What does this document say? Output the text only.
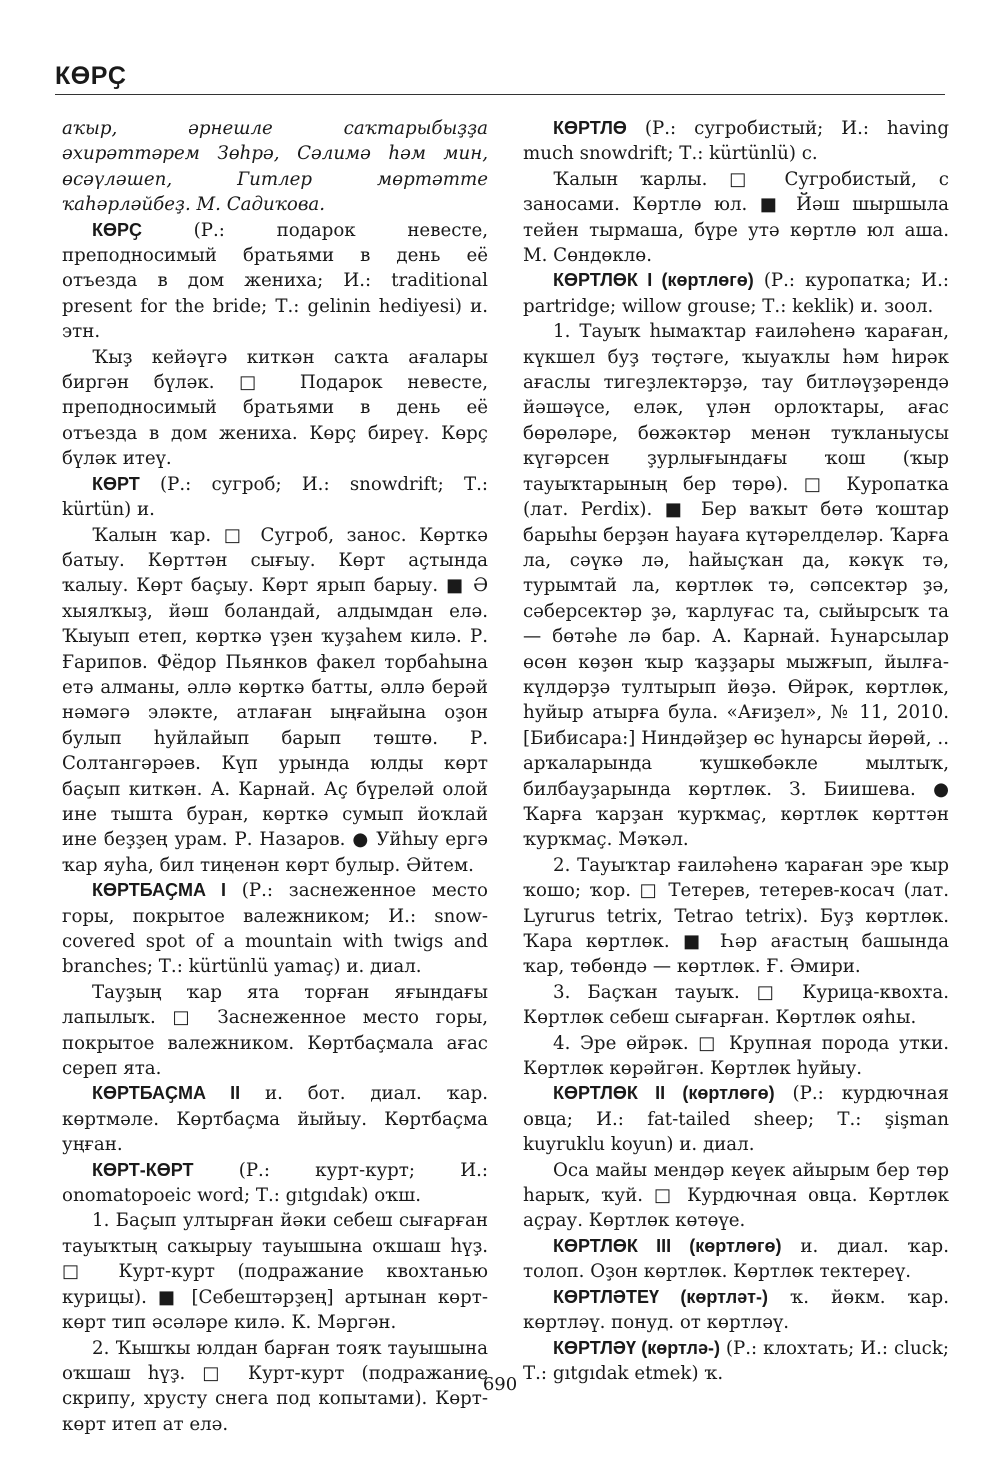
КӨРҪ

аҡыр, әрнешле саҡтарыбыҙҙа әхирәттәрем Зөһрә, Сәлимә һәм мин, өсәүләшеп, Гитлер мөртәтте ҡаһәрләйбеҙ. М. Садиҡова.

КӨРҪ (Р.: подарок невесте, преподносимый братьями в день её отъезда в дом жениха; И.: traditional present for the bride; Т.: gelinin hediyesi) и. этн.

Ҡыҙ кейәүгә киткән саҡта ағалары биргән бүләк. □ Подарок невесте, преподносимый братьями в день её отъезда в дом жениха. Көрҫ биреү. Көрҫ бүләк итеү.

КӨРТ (Р.: сугроб; И.: snowdrift; Т.: kürtün) и.

Ҡалын ҡар. □ Сугроб, занос. Көрткә батыу. Көрттән сығыу. Көрт аҫтында ҡалыу. Көрт баҫыу. Көрт ярып барыу. ■ Ә хыялҡыҙ, йәш боландай, алдымдан елә. Ҡыуып етеп, көрткә үҙен ҡуҙаһем килә. Р. Ғарипов. Фёдор Пьянков факел торбаһына етә алманы, әллә көрткә батты, әллә берәй нәмәгә эләкте, атлаған ыңғайына оҙон булып һуйлайып барып төштө. Р. Солтангәрәев. Күп урында юлды көрт баҫып киткән. А. Карнай. Аҫ бүреләй олой ине тышта буран, көрткә сумып йоҡлай ине беҙҙең урам. Р. Назаров. ● Уйһыу ергә ҡар яуһа, бил тиңенән көрт булыр. Әйтем.

КӨРТБАҪМА I (Р.: заснеженное место горы, покрытое валежником; И.: snow-covered spot of a mountain with twigs and branches; Т.: kürtünlü yamaç) и. диал.

Тауҙың ҡар ята торған яғындағы лапылыҡ. □ Заснеженное место горы, покрытое валежником. Көртбаҫмала ағас сереп ята.

КӨРТБАҪМА II и. бот. диал. ҡар. көртмәле. Көртбаҫма йыйыу. Көртбаҫма уңған.

КӨРТ-КӨРТ (Р.: курт-курт; И.: onomatopoeic word; Т.: gıtgıdak) оҡш.

1. Баҫып ултырған йәки себеш сығарған тауыҡтың саҡырыу тауышына оҡшаш һүҙ. □ Курт-курт (подражание квохтанью курицы). ■ [Себештәрҙең] артынан көрт-көрт тип әсәләре килә. К. Мәргән.

2. Ҡышҡы юлдан барған тояҡ тауышына оҡшаш һүҙ. □ Курт-курт (подражание скрипу, хрусту снега под копытами). Көрт-көрт итеп ат елә.

КӨРТЛӨ (Р.: сугробистый; И.: having much snowdrift; Т.: kürtünlü) с.

Ҡалын ҡарлы. □ Сугробистый, с заносами. Көртлө юл. ■ Йәш шыршыла тейен тырмаша, бүре утә көртлө юл аша. М. Сөндөклө.

КӨРТЛӨК I (көртлөгө) (Р.: куропатка; И.: partridge; willow grouse; Т.: keklik) и. зоол.

1. Тауыҡ һымаҡтар ғаиләһенә ҡараған, күкшел буҙ төҫтәге, ҡыуаҡлы һәм һирәк ағаслы тигеҙлектәрҙә, тау битләүҙәрендә йәшәүсе, еләк, үлән орлоҡтары, ағас бөрөләре, бөжәктәр менән туҡланыусы күгәрсен ҙурлығындағы ҡош (ҡыр тауыҡтарының бер төрө). □ Куропатка (лат. Perdix). ■ Бер ваҡыт бөтә ҡоштар барыһы берҙән һауаға күтәрелделәр. Ҡарға ла, сәүкә лә, һайыҫҡан да, кәкүк тә, турымтай ла, көртлөк тә, сәпсектәр ҙә, сәберсектәр ҙә, ҡарлуғас та, сыйырсыҡ та — бөтәһе лә бар. А. Карнай. Һунарсылар өсөн көҙөн ҡыр ҡаҙҙары мыжғып, йылға-күлдәрҙә тултырып йөҙә. Өйрәк, көртлөк, һуйыр атырға була. «Ағиҙел», № 11, 2010. [Бибисара:] Ниндәйҙер өс һунарсы йөрөй, .. арҡаларында ҡушкөбәкле мылтыҡ, билбауҙарында көртлөк. З. Биишева. ● Ҡарға ҡарҙан ҡурҡмаҫ, көртлөк көрттән ҡурҡмаҫ. Мәҡәл.

2. Тауыҡтар ғаиләһенә ҡараған эре ҡыр ҡошо; ҡор. □ Тетерев, тетерев-косач (лат. Lyrurus tetrix, Tetrao tetrix). Буҙ көртлөк. Ҡара көртлөк. ■ Һәр ағастың башында ҡар, төбөндә — көртлөк. Ғ. Әмири.

3. Баҫҡан тауыҡ. □ Курица-квохта. Көртлөк себеш сығарған. Көртлөк ояһы.

4. Эре өйрәк. □ Крупная порода утки. Көртлөк көрәйгән. Көртлөк һуйыу.

КӨРТЛӨК II (көртлөгө) (Р.: курдючная овца; И.: fat-tailed sheep; Т.: şişman kuyruklu koyun) и. диал.

Оса майы мендәр кеүек айырым бер төр һарыҡ, ҡуй. □ Курдючная овца. Көртлөк аҫрау. Көртлөк көтөүе.

КӨРТЛӨК III (көртлөгө) и. диал. ҡар. толоп. Оҙон көртлөк. Көртлөк тектереү.

КӨРТЛӘТЕҮ (көртләт-) ҡ. йөкм. ҡар. көртләү. понуд. от көртләү.

КӨРТЛӘҮ (көртлә-) (Р.: клохтать; И.: cluck; Т.: gıtgıdak etmek) ҡ.

690
